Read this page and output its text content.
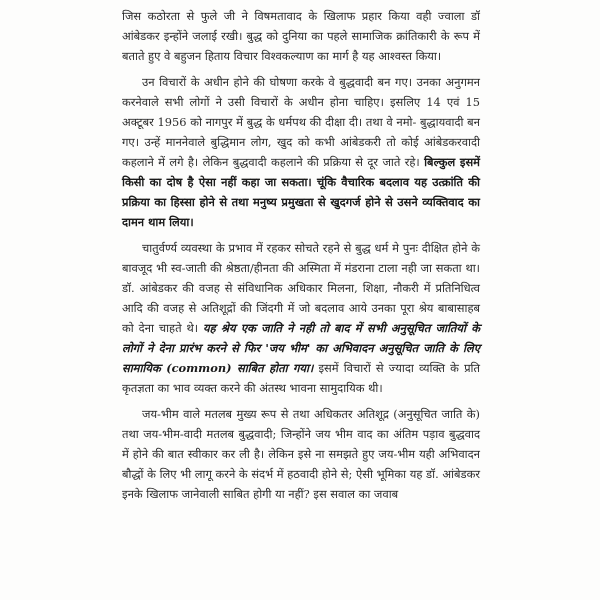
जिस कठोरता से फुले जी ने विषमतावाद के खिलाफ प्रहार किया वही ज्वाला डॉ आंबेडकर इन्होंने जलाई रखी। बुद्ध को दुनिया का पहले सामाजिक क्रांतिकारी के रूप में बताते हुए वे बहुजन हिताय विचार विश्वकल्याण का मार्ग है यह आश्वस्त किया।

उन विचारों के अधीन होने की घोषणा करके वे बुद्धवादी बन गए। उनका अनुगमन करनेवाले सभी लोगों ने उसी विचारों के अधीन होना चाहिए। इसलिए 14 एवं 15 अक्टूबर 1956 को नागपुर में बुद्ध के धर्मपथ की दीक्षा दी। तथा वे नमो- बुद्धायवादी बन गए। उन्हें माननेवाले बुद्धिमान लोग, खुद को कभी आंबेडकरी तो कोई आंबेडकरवादी कहलाने में लगे है। लेकिन बुद्धवादी कहलाने की प्रक्रिया से दूर जाते रहे। बिल्कुल इसमें किसी का दोष है ऐसा नहीं कहा जा सकता। चूंकि वैचारिक बदलाव यह उत्क्रांति की प्रक्रिया का हिस्सा होने से तथा मनुष्य प्रमुखता से खुदगर्ज होने से उसने व्यक्तिवाद का दामन थाम लिया।

चातुर्वर्ण्य व्यवस्था के प्रभाव में रहकर सोचते रहने से बुद्ध धर्म मे पुनः दीक्षित होने के बावजूद भी स्व-जाती की श्रेष्ठता/हीनता की अस्मिता में मंडराना टाला नही जा सकता था। डॉ. आंबेडकर की वजह से संविधानिक अधिकार मिलना, शिक्षा, नौकरी में प्रतिनिधित्व आदि की वजह से अतिशूद्रों की जिंदगी में जो बदलाव आये उनका पूरा श्रेय बाबासाहब को देना चाहते थे। यह श्रेय एक जाति ने नही तो बाद में सभी अनुसूचित जातियों के लोगों ने देना प्रारंभ करने से फिर 'जय भीम' का अभिवादन अनुसूचित जाति के लिए सामायिक (common) साबित होता गया। इसमें विचारों से ज्यादा व्यक्ति के प्रति कृतज्ञता का भाव व्यक्त करने की अंतस्थ भावना सामुदायिक थी।

जय-भीम वाले मतलब मुख्य रूप से तथा अधिकतर अतिशूद्र (अनुसूचित जाति के) तथा जय-भीम-वादी मतलब बुद्धवादी; जिन्होंने जय भीम वाद का अंतिम पड़ाव बुद्धवाद में होने की बात स्वीकार कर ली है। लेकिन इसे ना समझते हुए जय-भीम यही अभिवादन बौद्धों के लिए भी लागू करने के संदर्भ में हठवादी होने से; ऐसी भूमिका यह डॉ. आंबेडकर इनके खिलाफ जानेवाली साबित होगी या नहीं? इस सवाल का जवाब
